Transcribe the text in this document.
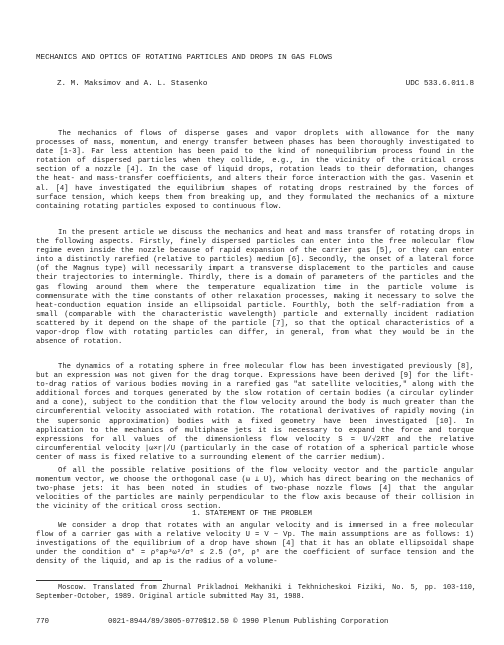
MECHANICS AND OPTICS OF ROTATING PARTICLES AND DROPS IN GAS FLOWS
Z. M. Maksimov and A. L. Stasenko	UDC 533.6.011.8

The mechanics of flows of disperse gases and vapor droplets with allowance for the many processes of mass, momentum, and energy transfer between phases has been thoroughly investigated to date [1-3]. Far less attention has been paid to the kind of nonequilibrium process found in the rotation of dispersed particles when they collide, e.g., in the vicinity of the critical cross section of a nozzle [4]. In the case of liquid drops, rotation leads to their deformation, changes the heat- and mass-transfer coefficients, and alters their force interaction with the gas. Vasenin et al. [4] have investigated the equilibrium shapes of rotating drops restrained by the forces of surface tension, which keeps them from breaking up, and they formulated the mechanics of a mixture containing rotating particles exposed to continuous flow.

In the present article we discuss the mechanics and heat and mass transfer of rotating drops in the following aspects. Firstly, finely dispersed particles can enter into the free molecular flow regime even inside the nozzle because of rapid expansion of the carrier gas [5], or they can enter into a distinctly rarefied (relative to particles) medium [6]. Secondly, the onset of a lateral force (of the Magnus type) will necessarily impart a transverse displacement to the particles and cause their trajectories to intermingle. Thirdly, there is a domain of parameters of the particles and the gas flowing around them where the temperature equalization time in the particle volume is commensurate with the time constants of other relaxation processes, making it necessary to solve the heat-conduction equation inside an ellipsoidal particle. Fourthly, both the self-radiation from a small (comparable with the characteristic wavelength) particle and externally incident radiation scattered by it depend on the shape of the particle [7], so that the optical characteristics of a vapor-drop flow with rotating particles can differ, in general, from what they would be in the absence of rotation.

The dynamics of a rotating sphere in free molecular flow has been investigated previously [8], but an expression was not given for the drag torque. Expressions have been derived [9] for the lift-to-drag ratios of various bodies moving in a rarefied gas "at satellite velocities," along with the additional forces and torques generated by the slow rotation of certain bodies (a circular cylinder and a cone), subject to the condition that the flow velocity around the body is much greater than the circumferential velocity associated with rotation. The rotational derivatives of rapidly moving (in the supersonic approximation) bodies with a fixed geometry have been investigated [10]. In application to the mechanics of multiphase jets it is necessary to expand the force and torque expressions for all values of the dimensionless flow velocity S = U/√2RT and the relative circumferential velocity |ω×r|/U (particularly in the case of rotation of a spherical particle whose center of mass is fixed relative to a surrounding element of the carrier medium).

Of all the possible relative positions of the flow velocity vector and the particle angular momentum vector, we choose the orthogonal case (ω ⊥ U), which has direct bearing on the mechanics of two-phase jets: it has been noted in studies of two-phase nozzle flows [4] that the angular velocities of the particles are mainly perpendicular to the flow axis because of their collision in the vicinity of the critical cross section.

1. STATEMENT OF THE PROBLEM

We consider a drop that rotates with an angular velocity and is immersed in a free molecular flow of a carrier gas with a relative velocity U = V − Vp. The main assumptions are as follows: 1) investigations of the equilibrium of a drop have shown [4] that it has an oblate ellipsoidal shape under the condition α* = ρ⁰ap³ω²/σ⁰ ≤ 2.5 (σ⁰, ρ⁰ are the coefficient of surface tension and the density of the liquid, and ap is the radius of a volume-

Moscow. Translated from Zhurnal Prikladnoi Mekhaniki i Tekhnicheskoi Fiziki, No. 5, pp. 103-110, September-October, 1989. Original article submitted May 31, 1988.

770	0021-8944/89/3005-0770$12.50 © 1990 Plenum Publishing Corporation
